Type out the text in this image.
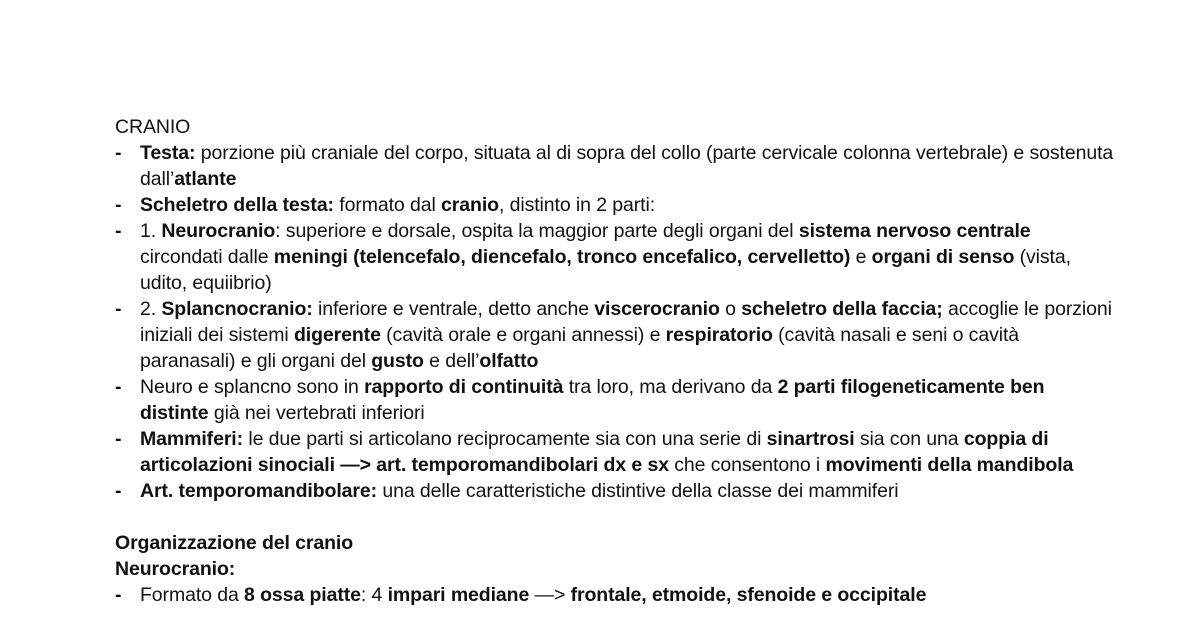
CRANIO

- Testa: porzione più craniale del corpo, situata al di sopra del collo (parte cervicale colonna vertebrale) e sostenuta dall’atlante
- Scheletro della testa: formato dal cranio, distinto in 2 parti:
- 1. Neurocranio: superiore e dorsale, ospita la maggior parte degli organi del sistema nervoso centrale circondati dalle meningi (telencefalo, diencefalo, tronco encefalico, cervelletto) e organi di senso (vista, udito, equiibrio)
- 2. Splancnocranio: inferiore e ventrale, detto anche viscerocranio o scheletro della faccia; accoglie le porzioni iniziali dei sistemi digerente (cavità orale e organi annessi) e respiratorio (cavità nasali e seni o cavità paranasali) e gli organi del gusto e dell’olfatto
- Neuro e splancno sono in rapporto di continuità tra loro, ma derivano da 2 parti filogeneticamente ben distinte già nei vertebrati inferiori
- Mammiferi: le due parti si articolano reciprocamente sia con una serie di sinartrosi sia con una coppia di articolazioni sinociali —> art. temporomandibolari dx e sx che consentono i movimenti della mandibola
- Art. temporomandibolare: una delle caratteristiche distintive della classe dei mammiferi

Organizzazione del cranio

Neurocranio:

- Formato da 8 ossa piatte: 4 impari mediane —> frontale, etmoide, sfenoide e occipitale
